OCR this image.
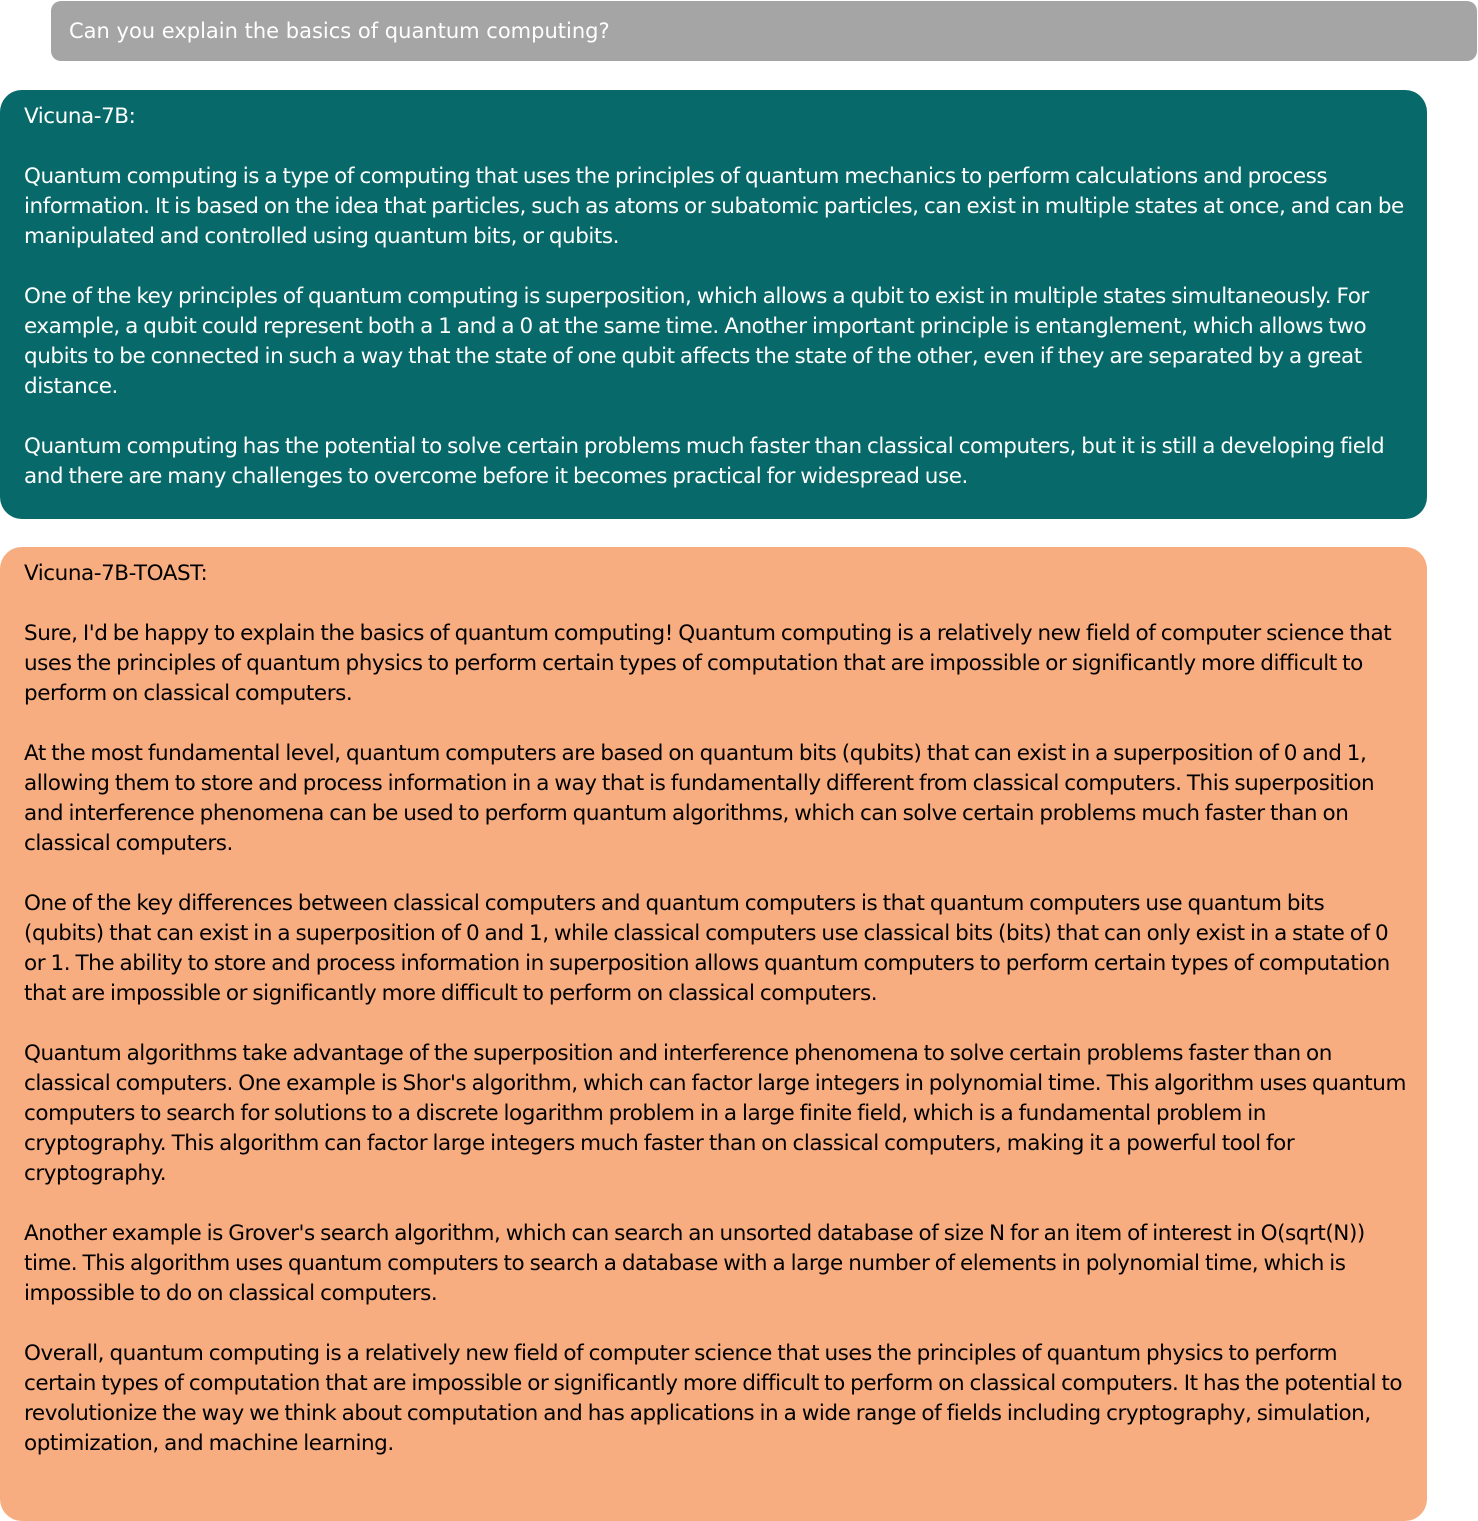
Can you explain the basics of quantum computing?

Vicuna-7B:

Quantum computing is a type of computing that uses the principles of quantum mechanics to perform calculations and process information. It is based on the idea that particles, such as atoms or subatomic particles, can exist in multiple states at once, and can be manipulated and controlled using quantum bits, or qubits.

One of the key principles of quantum computing is superposition, which allows a qubit to exist in multiple states simultaneously. For example, a qubit could represent both a 1 and a 0 at the same time. Another important principle is entanglement, which allows two qubits to be connected in such a way that the state of one qubit affects the state of the other, even if they are separated by a great distance.

Quantum computing has the potential to solve certain problems much faster than classical computers, but it is still a developing field and there are many challenges to overcome before it becomes practical for widespread use.

Vicuna-7B-TOAST:

Sure, I'd be happy to explain the basics of quantum computing! Quantum computing is a relatively new field of computer science that uses the principles of quantum physics to perform certain types of computation that are impossible or significantly more difficult to perform on classical computers.

At the most fundamental level, quantum computers are based on quantum bits (qubits) that can exist in a superposition of 0 and 1, allowing them to store and process information in a way that is fundamentally different from classical computers. This superposition and interference phenomena can be used to perform quantum algorithms, which can solve certain problems much faster than on classical computers.

One of the key differences between classical computers and quantum computers is that quantum computers use quantum bits (qubits) that can exist in a superposition of 0 and 1, while classical computers use classical bits (bits) that can only exist in a state of 0 or 1. The ability to store and process information in superposition allows quantum computers to perform certain types of computation that are impossible or significantly more difficult to perform on classical computers.

Quantum algorithms take advantage of the superposition and interference phenomena to solve certain problems faster than on classical computers. One example is Shor's algorithm, which can factor large integers in polynomial time. This algorithm uses quantum computers to search for solutions to a discrete logarithm problem in a large finite field, which is a fundamental problem in cryptography. This algorithm can factor large integers much faster than on classical computers, making it a powerful tool for cryptography.

Another example is Grover's search algorithm, which can search an unsorted database of size N for an item of interest in O(sqrt(N)) time. This algorithm uses quantum computers to search a database with a large number of elements in polynomial time, which is impossible to do on classical computers.

Overall, quantum computing is a relatively new field of computer science that uses the principles of quantum physics to perform certain types of computation that are impossible or significantly more difficult to perform on classical computers. It has the potential to revolutionize the way we think about computation and has applications in a wide range of fields including cryptography, simulation, optimization, and machine learning.
